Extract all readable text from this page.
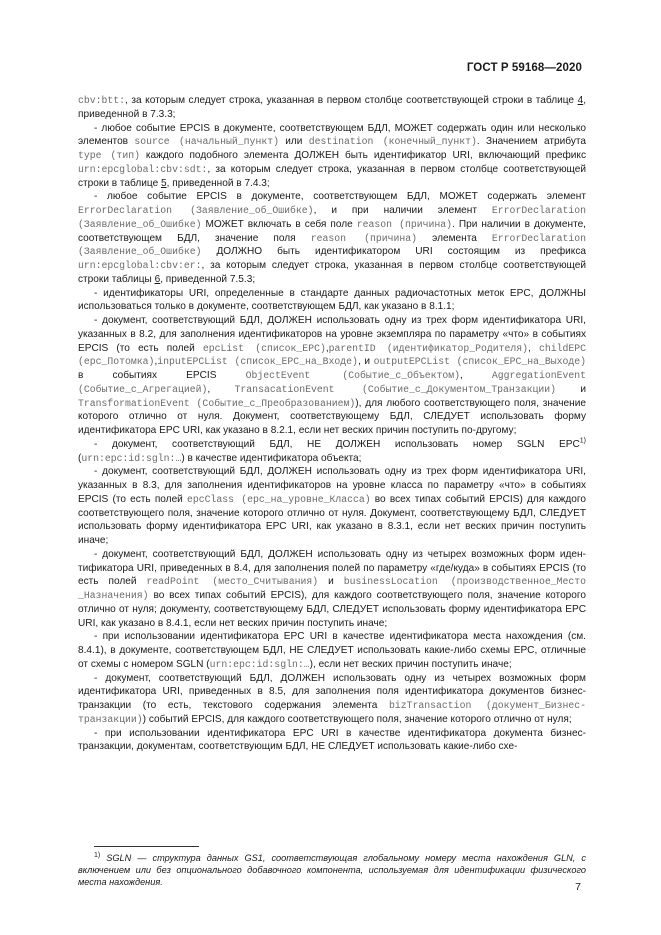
ГОСТ Р 59168—2020

cbv:btt:, за которым следует строка, указанная в первом столбце соответствующей строки в таблице 4, приведенной в 7.3.3;

- любое событие EPCIS в документе, соответствующем БДЛ, МОЖЕТ содержать один или несколько элементов source (начальный_пункт) или destination (конечный_пункт). Значением атрибута type (тип) каждого подобного элемента ДОЛЖЕН быть идентификатор URI, включающий префикс urn:epcglobal:cbv:sdt:, за которым следует строка, указанная в первом столбце соответствующей строки в таблице 5, приведенной в 7.4.3;

- любое событие EPCIS в документе, соответствующем БДЛ, МОЖЕТ содержать элемент ErrorDeclaration (Заявление_об_Ошибке), и при наличии элемент ErrorDeclaration (Заявление_об_Ошибке) МОЖЕТ включать в себя поле reason (причина). При наличии в документе, соответствующем БДЛ, значение поля reason (причина) элемента ErrorDeclaration (Заявление_об_Ошибке) ДОЛЖНО быть идентификатором URI состоящим из префикса urn:epcglobal:cbv:er:, за которым следует строка, указанная в первом столбце соответствующей строки таблицы 6, приведенной 7.5.3;

- идентификаторы URI, определенные в стандарте данных радиочастотных меток EPC, ДОЛЖНЫ использоваться только в документе, соответствующем БДЛ, как указано в 8.1.1;

- документ, соответствующий БДЛ, ДОЛЖЕН использовать одну из трех форм идентификатора URI, указанных в 8.2, для заполнения идентификаторов на уровне экземпляра по параметру «что» в событиях EPCIS (то есть полей epcList (список_EPC),parentID (идентификатор_Родителя), childEPC (epc_Потомка),inputEPCList (список_EPC_на_Входе), и outputEPCList (список_EPC_на_Выходе) в событиях EPCIS ObjectEvent (Событие_с_Объектом), AggregationEvent (Событие_с_Агрегацией), TransacationEvent (Событие_с_Документом_Транзакции) и TransformationEvent (Событие_с_Преобразованием)), для любого соответствующего поля, значение которого отлично от нуля. Документ, соответствующему БДЛ, СЛЕДУЕТ использовать форму идентификатора EPC URI, как указано в 8.2.1, если нет веских причин поступить по-другому;

- документ, соответствующий БДЛ, НЕ ДОЛЖЕН использовать номер SGLN EPC$^{1)}$ (urn:epc:id:sgln:…) в качестве идентификатора объекта;

- документ, соответствующий БДЛ, ДОЛЖЕН использовать одну из трех форм идентификатора URI, указанных в 8.3, для заполнения идентификаторов на уровне класса по параметру «что» в событиях EPCIS (то есть полей epcClass (epc_на_уровне_Класса) во всех типах событий EPCIS) для каждого соответствующего поля, значение которого отлично от нуля. Документ, соответствующему БДЛ, СЛЕДУЕТ использовать форму идентификатора EPC URI, как указано в 8.3.1, если нет веских причин поступить иначе;

- документ, соответствующий БДЛ, ДОЛЖЕН использовать одну из четырех возможных форм идентификатора URI, приведенных в 8.4, для заполнения полей по параметру «где/куда» в событиях EPCIS (то есть полей readPoint (место_Считывания) и businessLocation (производственное_Место _Назначения) во всех типах событий EPCIS), для каждого соответствующего поля, значение которого отлично от нуля; документу, соответствующему БДЛ, СЛЕДУЕТ использовать форму идентификатора EPC URI, как указано в 8.4.1, если нет веских причин поступить иначе;

- при использовании идентификатора EPC URI в качестве идентификатора места нахождения (см. 8.4.1), в документе, соответствующем БДЛ, НЕ СЛЕДУЕТ использовать какие-либо схемы EPC, отличные от схемы с номером SGLN (urn:epc:id:sgln:…), если нет веских причин поступить иначе;

- документ, соответствующий БДЛ, ДОЛЖЕН использовать одну из четырех возможных форм идентификатора URI, приведенных в 8.5, для заполнения поля идентификатора документов бизнес-транзакции (то есть, текстового содержания элемента bizTransaction (документ_Бизнестранзакции)) событий EPCIS, для каждого соответствующего поля, значение которого отлично от нуля;

- при использовании идентификатора EPC URI в качестве идентификатора документа бизнес-транзакции, документам, соответствующим БДЛ, НЕ СЛЕДУЕТ использовать какие-либо схе-

$^{1)}$ SGLN — структура данных GS1, соответствующая глобальному номеру места нахождения GLN, с включением или без опционального добавочного компонента, используемая для идентификации физического места нахождения.	7
